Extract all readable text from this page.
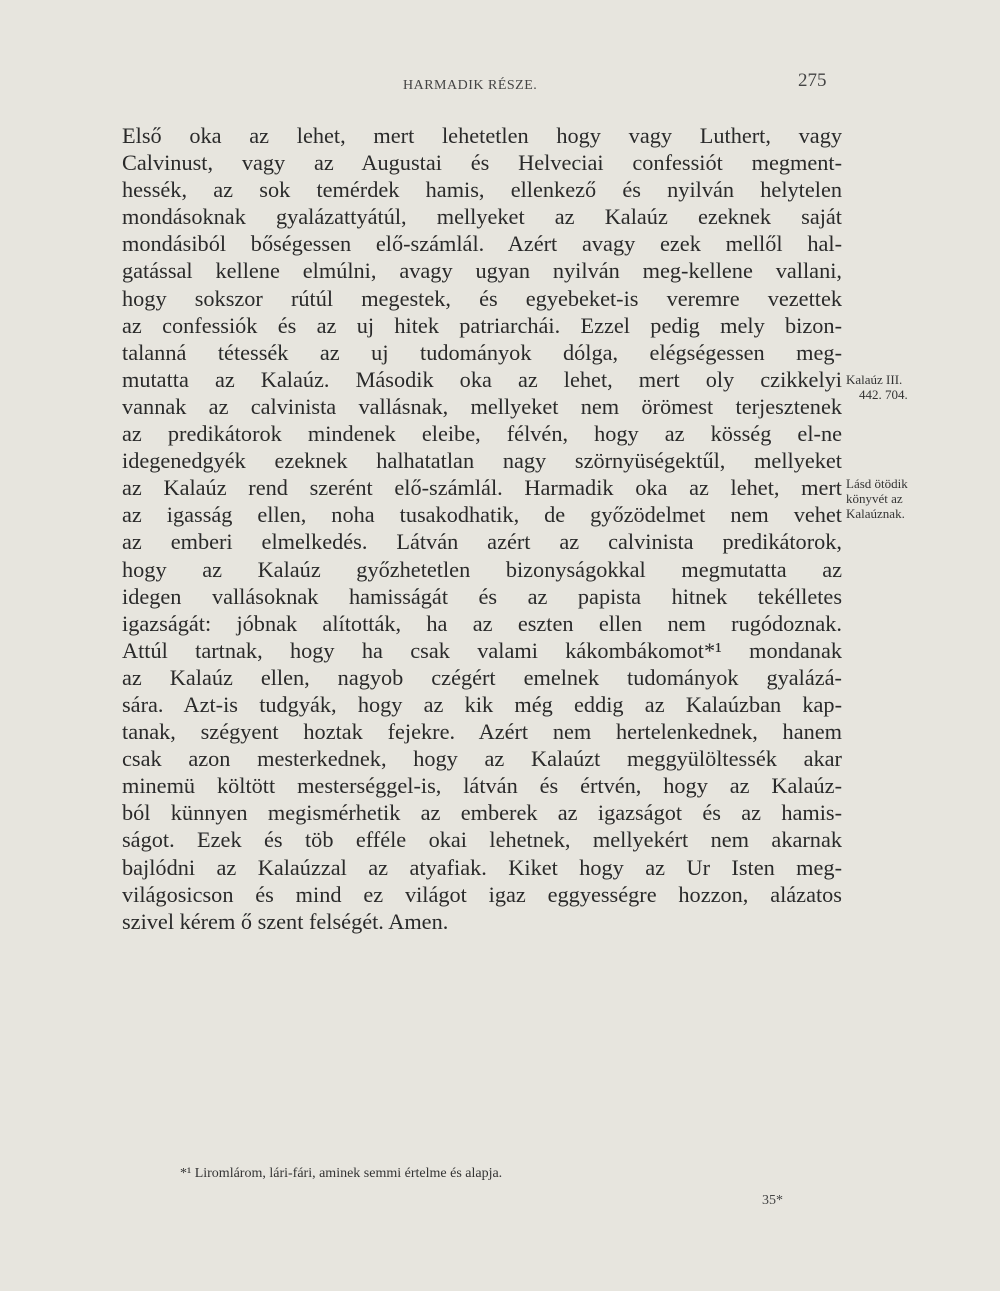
HARMADIK RÉSZE.	275
Első oka az lehet, mert lehetetlen hogy vagy Luthert, vagy
Calvinust, vagy az Augustai és Helveciai confessiót megment-
hessék, az sok temérdek hamis, ellenkező és nyilván helytelen
mondásoknak gyalázattyátúl, mellyeket az Kalaúz ezeknek saját
mondásiból bőségessen elő-számlál. Azért avagy ezek mellől hal-
gatással kellene elmúlni, avagy ugyan nyilván meg-kellene vallani,
hogy sokszor rútúl megestek, és egyebeket-is veremre vezettek
az confessiók és az uj hitek patriarchái. Ezzel pedig mely bizon-
talanná tétessék az uj tudományok dólga, elégségessen meg-
mutatta az Kalaúz. Második oka az lehet, mert oly czikkelyi
vannak az calvinista vallásnak, mellyeket nem örömest terjesztenek
az predikátorok mindenek eleibe, félvén, hogy az kösség el-ne
idegenedgyék ezeknek halhatatlan nagy szörnyüségektűl, mellyeket
az Kalaúz rend szerént elő-számlál. Harmadik oka az lehet, mert
az igasság ellen, noha tusakodhatik, de győzödelmet nem vehet
az emberi elmelkedés. Látván azért az calvinista predikátorok,
hogy az Kalaúz győzhetetlen bizonyságokkal megmutatta az
idegen vallásoknak hamisságát és az papista hitnek tekélletes
igazságát: jóbnak alították, ha az eszten ellen nem rugódoznak.
Attúl tartnak, hogy ha csak valami kákombákomot*¹ mondanak
az Kalaúz ellen, nagyob czégért emelnek tudományok gyalázá-
sára. Azt-is tudgyák, hogy az kik még eddig az Kalaúzban kap-
tanak, szégyent hoztak fejekre. Azért nem hertelenkednek, hanem
csak azon mesterkednek, hogy az Kalaúzt meggyülöltessék akar
minemü költött mesterséggel-is, látván és értvén, hogy az Kalaúz-
ból künnyen megismérhetik az emberek az igazságot és az hamis-
ságot. Ezek és töb efféle okai lehetnek, mellyekért nem akarnak
bajlódni az Kalaúzzal az atyafiak. Kiket hogy az Ur Isten meg-
világosicson és mind ez világot igaz eggyességre hozzon, alázatos
szivel kérem ő szent felségét. Amen.
Kalaúz III.
442. 704.
Lásd ötödik
könyvét az
Kalaúznak.
*¹ Liromlárom, lári-fári, aminek semmi értelme és alapja.
35*
